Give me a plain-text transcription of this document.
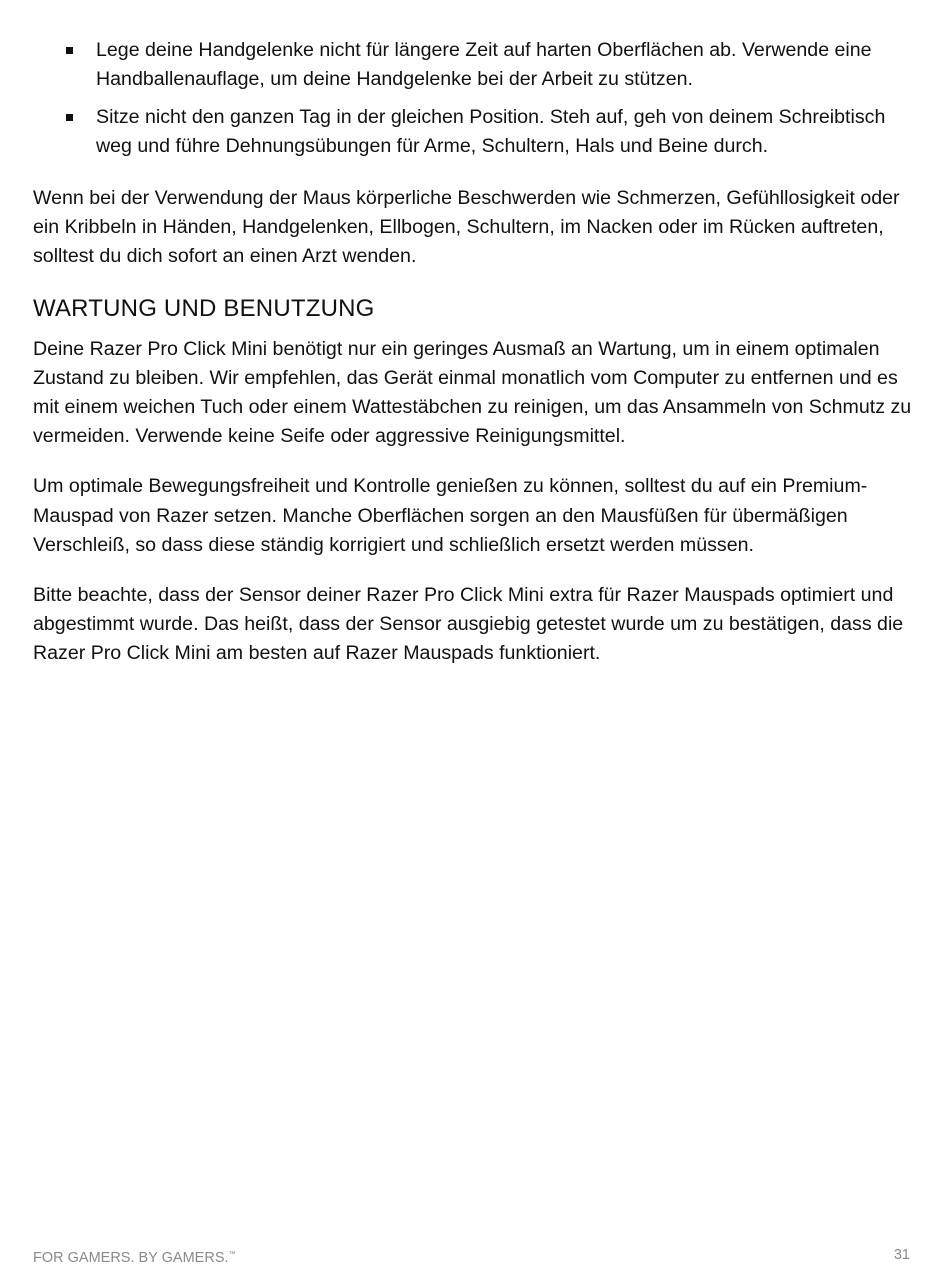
Lege deine Handgelenke nicht für längere Zeit auf harten Oberflächen ab. Verwende eine Handballenauflage, um deine Handgelenke bei der Arbeit zu stützen.
Sitze nicht den ganzen Tag in der gleichen Position. Steh auf, geh von deinem Schreibtisch weg und führe Dehnungsübungen für Arme, Schultern, Hals und Beine durch.

Wenn bei der Verwendung der Maus körperliche Beschwerden wie Schmerzen, Gefühllosigkeit oder ein Kribbeln in Händen, Handgelenken, Ellbogen, Schultern, im Nacken oder im Rücken auftreten, solltest du dich sofort an einen Arzt wenden.

WARTUNG UND BENUTZUNG

Deine Razer Pro Click Mini benötigt nur ein geringes Ausmaß an Wartung, um in einem optimalen Zustand zu bleiben. Wir empfehlen, das Gerät einmal monatlich vom Computer zu entfernen und es mit einem weichen Tuch oder einem Wattestäbchen zu reinigen, um das Ansammeln von Schmutz zu vermeiden. Verwende keine Seife oder aggressive Reinigungsmittel.

Um optimale Bewegungsfreiheit und Kontrolle genießen zu können, solltest du auf ein Premium-Mauspad von Razer setzen. Manche Oberflächen sorgen an den Mausfüßen für übermäßigen Verschleiß, so dass diese ständig korrigiert und schließlich ersetzt werden müssen.

Bitte beachte, dass der Sensor deiner Razer Pro Click Mini extra für Razer Mauspads optimiert und abgestimmt wurde. Das heißt, dass der Sensor ausgiebig getestet wurde um zu bestätigen, dass die Razer Pro Click Mini am besten auf Razer Mauspads funktioniert.

FOR GAMERS. BY GAMERS.™	31
